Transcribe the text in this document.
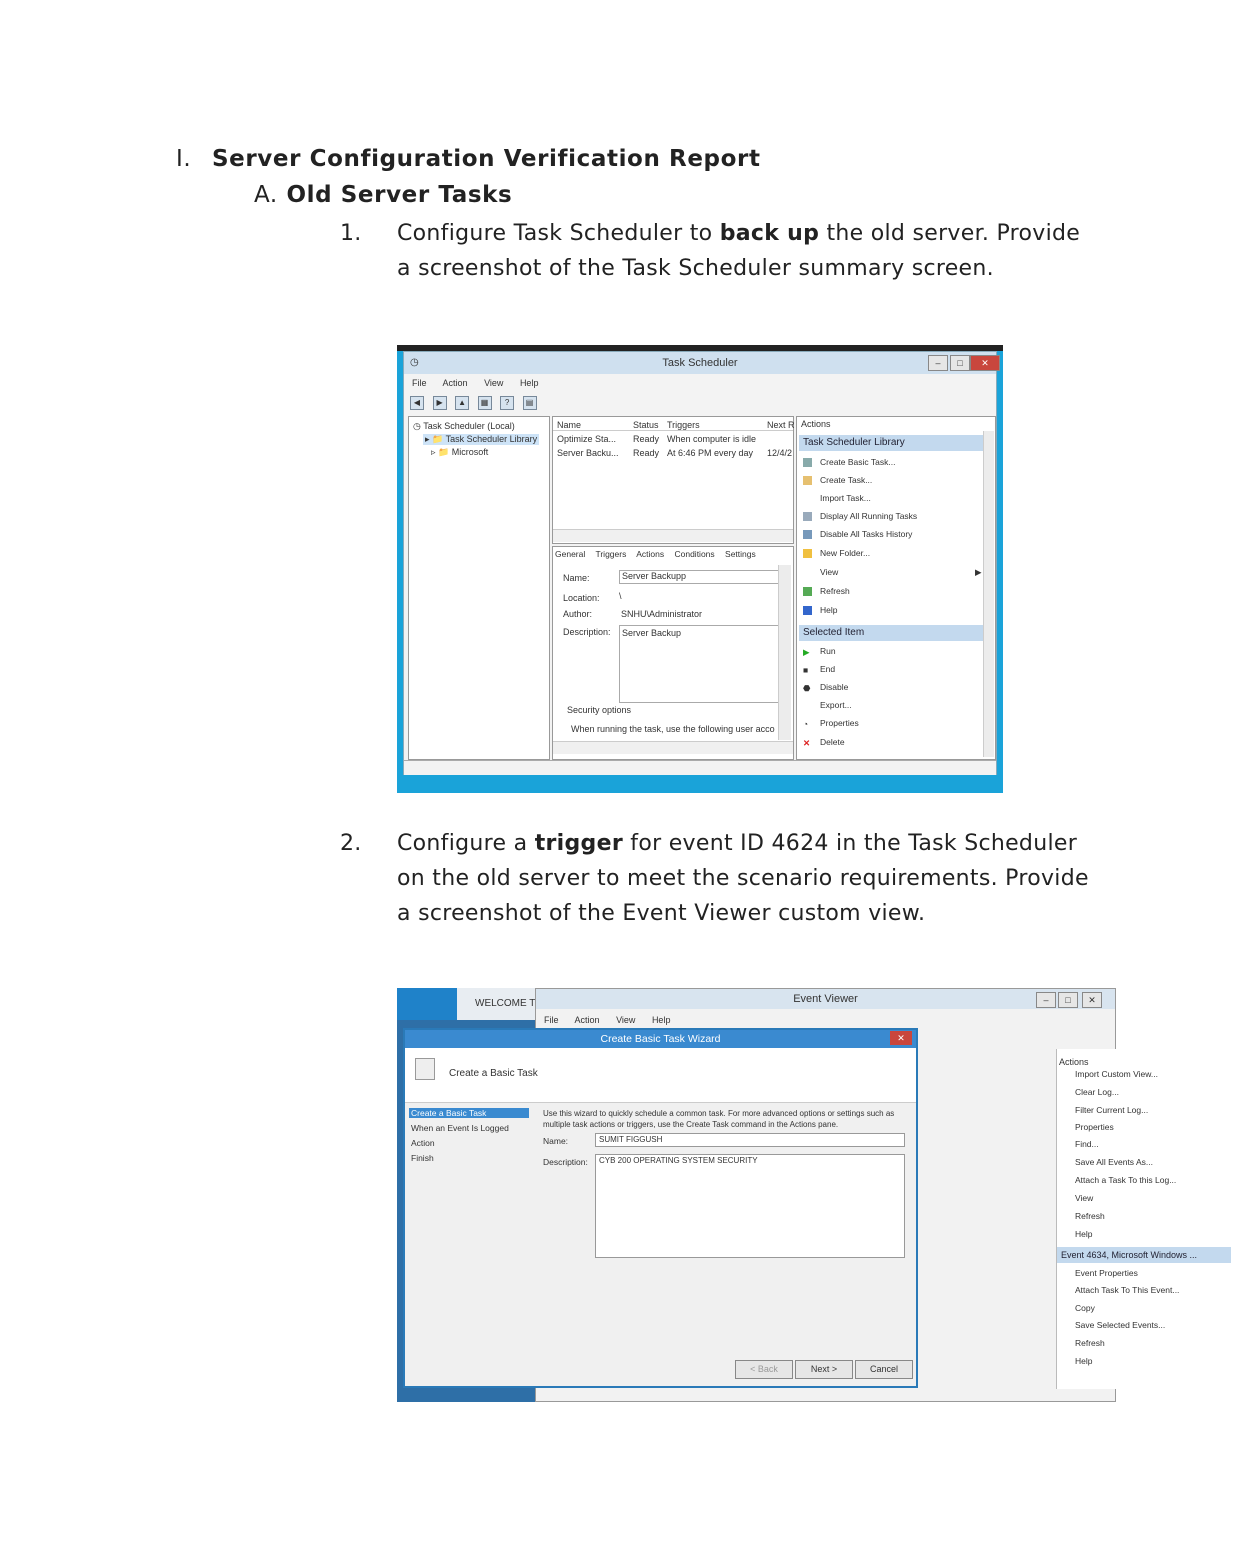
I. Server Configuration Verification Report
A. Old Server Tasks
1. Configure Task Scheduler to back up the old server. Provide a screenshot of the Task Scheduler summary screen.
Task Scheduler
◷	–	□	✕
File Action View Help
◀ ▶ ▲ ▦ ? ▤
◷ Task Scheduler (Local)
▸ 📁 Task Scheduler Library
▹ 📁 Microsoft
Name	Status Triggers	Next R
Optimize Sta... Ready When computer is idle
Server Backu... Ready At 6:46 PM every day 12/4/2
General Triggers Actions Conditions Settings
Name:	Server Backupp
Location: \
Author:	SNHU\Administrator
Description:	Server Backup
Security options
When running the task, use the following user acco
Actions
Task Scheduler Library
Create Basic Task...
Create Task...
Import Task...
Display All Running Tasks
Disable All Tasks History
New Folder...
View	▶
Refresh
Help
Selected Item
▶ Run
■ End
⬣ Disable
Export...
◔ Properties
✕ Delete
2. Configure a trigger for event ID 4624 in the Task Scheduler on the old server to meet the scenario requirements. Provide a screenshot of the Event Viewer custom view.
WELCOME T	Event Viewer	–	□	✕
File Action View Help
Actions
Import Custom View...
Clear Log...
Filter Current Log...
Properties
Find...
Save All Events As...
Attach a Task To this Log...
View
Refresh
Help
Event 4634, Microsoft Windows ...
Event Properties
Attach Task To This Event...
Copy
Save Selected Events...
Refresh
Help
Create Basic Task Wizard	✕
Create a Basic Task
Create a Basic Task
When an Event Is Logged
Action
Finish
Use this wizard to quickly schedule a common task. For more advanced options or settings such as multiple task actions or triggers, use the Create Task command in the Actions pane.
Name:	SUMIT FIGGUSH
Description:	CYB 200 OPERATING SYSTEM SECURITY
< Back	Next >	Cancel
